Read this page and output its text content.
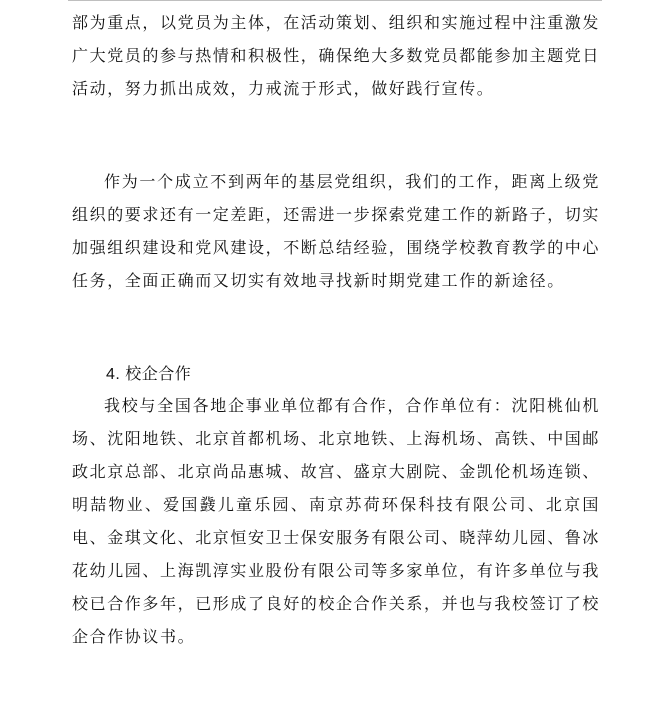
部为重点，以党员为主体，在活动策划、组织和实施过程中注重激发广大党员的参与热情和积极性，确保绝大多数党员都能参加主题党日活动，努力抓出成效，力戒流于形式，做好践行宣传。

作为一个成立不到两年的基层党组织，我们的工作，距离上级党组织的要求还有一定差距，还需进一步探索党建工作的新路子，切实加强组织建设和党风建设，不断总结经验，围绕学校教育教学的中心任务，全面正确而又切实有效地寻找新时期党建工作的新途径。

4. 校企合作

我校与全国各地企事业单位都有合作，合作单位有：沈阳桃仙机场、沈阳地铁、北京首都机场、北京地铁、上海机场、高铁、中国邮政北京总部、北京尚品惠城、故宫、盛京大剧院、金凯伦机场连锁、明喆物业、爱国鼗儿童乐园、南京苏荷环保科技有限公司、北京国电、金琪文化、北京恒安卫士保安服务有限公司、晓萍幼儿园、鲁冰花幼儿园、上海凯淳实业股份有限公司等多家单位，有许多单位与我校已合作多年，已形成了良好的校企合作关系，并也与我校签订了校企合作协议书。
